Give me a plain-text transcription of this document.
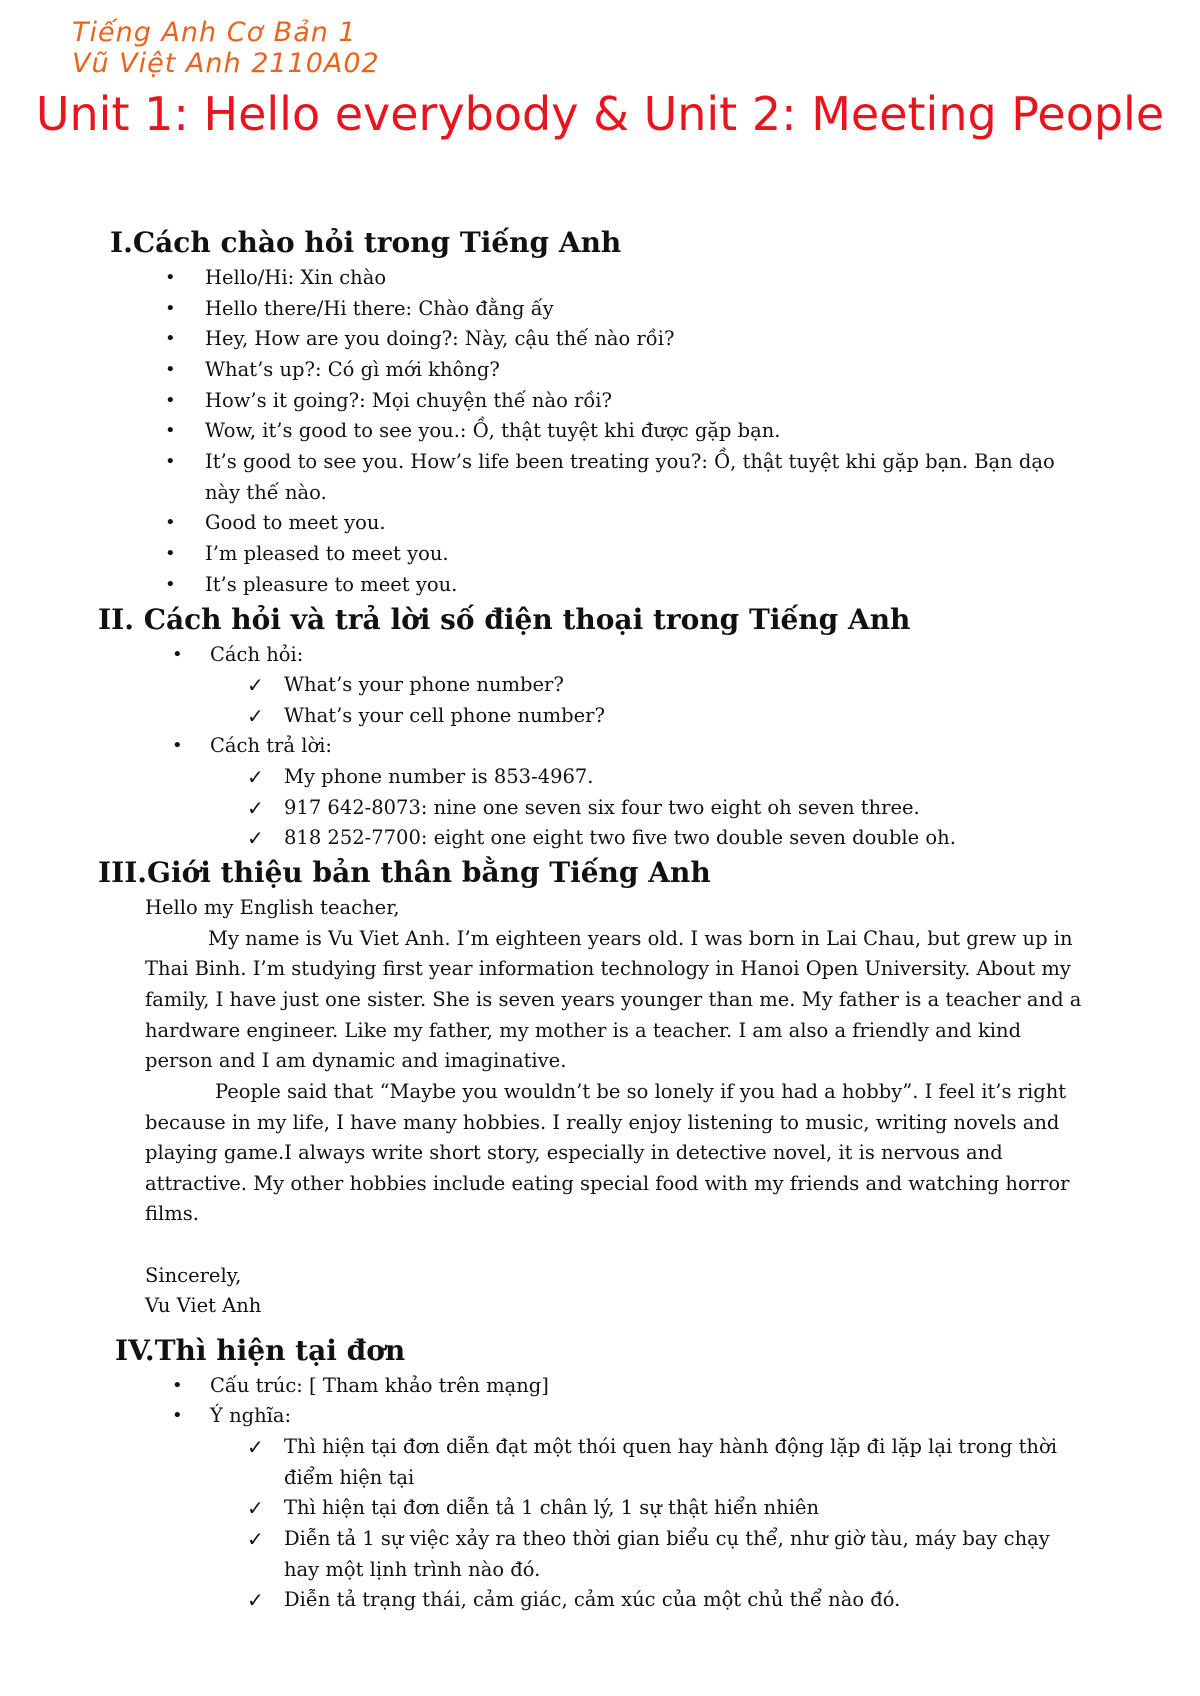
Tiếng Anh Cơ Bản 1
Vũ Việt Anh 2110A02
Unit 1: Hello everybody & Unit 2: Meeting People
I.Cách chào hỏi trong Tiếng Anh
• Hello/Hi: Xin chào
• Hello there/Hi there: Chào đằng ấy
• Hey, How are you doing?: Này, cậu thế nào rồi?
• What’s up?: Có gì mới không?
• How’s it going?: Mọi chuyện thế nào rồi?
• Wow, it’s good to see you.: Ồ, thật tuyệt khi được gặp bạn.
• It’s good to see you. How’s life been treating you?: Ồ, thật tuyệt khi gặp bạn. Bạn dạo
này thế nào.
• Good to meet you.
• I’m pleased to meet you.
• It’s pleasure to meet you.
II. Cách hỏi và trả lời số điện thoại trong Tiếng Anh
• Cách hỏi:
✓ What’s your phone number?
✓ What’s your cell phone number?
• Cách trả lời:
✓ My phone number is 853-4967.
✓ 917 642-8073: nine one seven six four two eight oh seven three.
✓ 818 252-7700: eight one eight two five two double seven double oh.
III.Giới thiệu bản thân bằng Tiếng Anh
Hello my English teacher,
My name is Vu Viet Anh. I’m eighteen years old. I was born in Lai Chau, but grew up in
Thai Binh. I’m studying first year information technology in Hanoi Open University. About my
family, I have just one sister. She is seven years younger than me. My father is a teacher and a
hardware engineer. Like my father, my mother is a teacher. I am also a friendly and kind
person and I am dynamic and imaginative.
People said that “Maybe you wouldn’t be so lonely if you had a hobby”. I feel it’s right
because in my life, I have many hobbies. I really enjoy listening to music, writing novels and
playing game.I always write short story, especially in detective novel, it is nervous and
attractive. My other hobbies include eating special food with my friends and watching horror
films.
Sincerely,
Vu Viet Anh
IV.Thì hiện tại đơn
• Cấu trúc: [ Tham khảo trên mạng]
• Ý nghĩa:
✓ Thì hiện tại đơn diễn đạt một thói quen hay hành động lặp đi lặp lại trong thời
điểm hiện tại
✓ Thì hiện tại đơn diễn tả 1 chân lý, 1 sự thật hiển nhiên
✓ Diễn tả 1 sự việc xảy ra theo thời gian biểu cụ thể, như giờ tàu, máy bay chạy
hay một lịnh trình nào đó.
✓ Diễn tả trạng thái, cảm giác, cảm xúc của một chủ thể nào đó.
